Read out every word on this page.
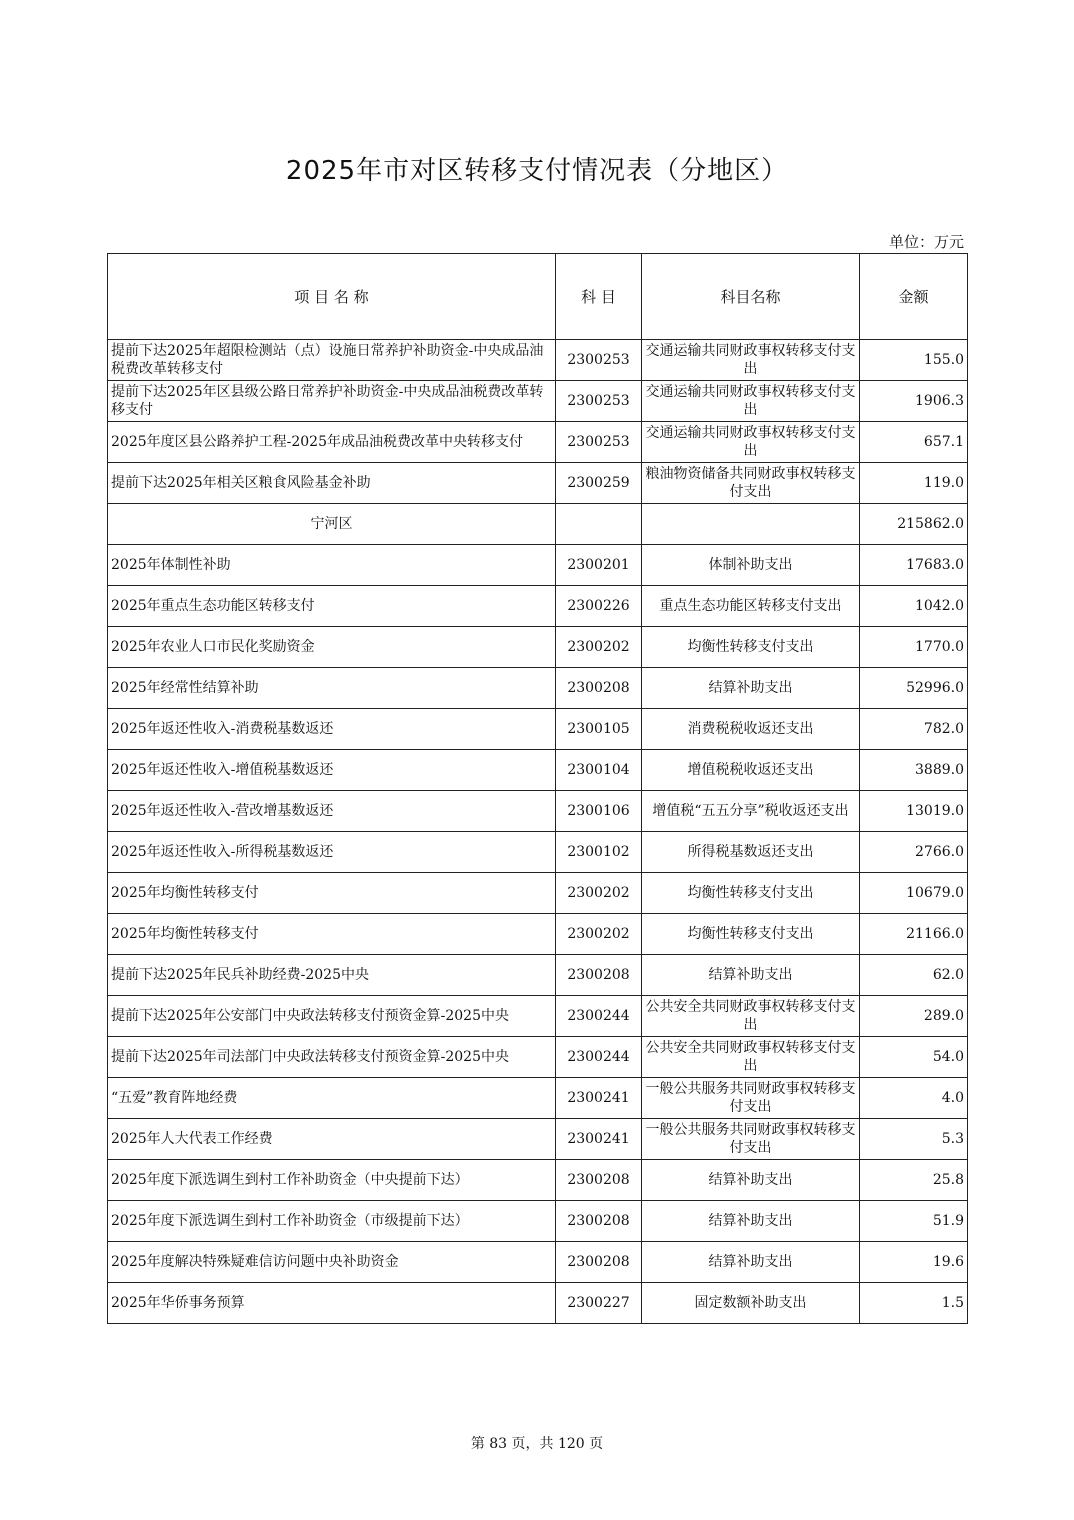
2025年市对区转移支付情况表（分地区）
单位：万元
项 目 名 称	科 目	科目名称	金额
提前下达2025年超限检测站（点）设施日常养护补助资金-中央成品油税费改革转移支付	2300253	交通运输共同财政事权转移支付支出	155.0
提前下达2025年区县级公路日常养护补助资金-中央成品油税费改革转移支付	2300253	交通运输共同财政事权转移支付支出	1906.3
2025年度区县公路养护工程-2025年成品油税费改革中央转移支付	2300253	交通运输共同财政事权转移支付支出	657.1
提前下达2025年相关区粮食风险基金补助	2300259	粮油物资储备共同财政事权转移支付支出	119.0
宁河区			215862.0
2025年体制性补助	2300201	体制补助支出	17683.0
2025年重点生态功能区转移支付	2300226	重点生态功能区转移支付支出	1042.0
2025年农业人口市民化奖励资金	2300202	均衡性转移支付支出	1770.0
2025年经常性结算补助	2300208	结算补助支出	52996.0
2025年返还性收入-消费税基数返还	2300105	消费税税收返还支出	782.0
2025年返还性收入-增值税基数返还	2300104	增值税税收返还支出	3889.0
2025年返还性收入-营改增基数返还	2300106	增值税“五五分享”税收返还支出	13019.0
2025年返还性收入-所得税基数返还	2300102	所得税基数返还支出	2766.0
2025年均衡性转移支付	2300202	均衡性转移支付支出	10679.0
2025年均衡性转移支付	2300202	均衡性转移支付支出	21166.0
提前下达2025年民兵补助经费-2025中央	2300208	结算补助支出	62.0
提前下达2025年公安部门中央政法转移支付预资金算-2025中央	2300244	公共安全共同财政事权转移支付支出	289.0
提前下达2025年司法部门中央政法转移支付预资金算-2025中央	2300244	公共安全共同财政事权转移支付支出	54.0
“五爱”教育阵地经费	2300241	一般公共服务共同财政事权转移支付支出	4.0
2025年人大代表工作经费	2300241	一般公共服务共同财政事权转移支付支出	5.3
2025年度下派选调生到村工作补助资金（中央提前下达）	2300208	结算补助支出	25.8
2025年度下派选调生到村工作补助资金（市级提前下达）	2300208	结算补助支出	51.9
2025年度解决特殊疑难信访问题中央补助资金	2300208	结算补助支出	19.6
2025年华侨事务预算	2300227	固定数额补助支出	1.5
第 83 页，共 120 页
